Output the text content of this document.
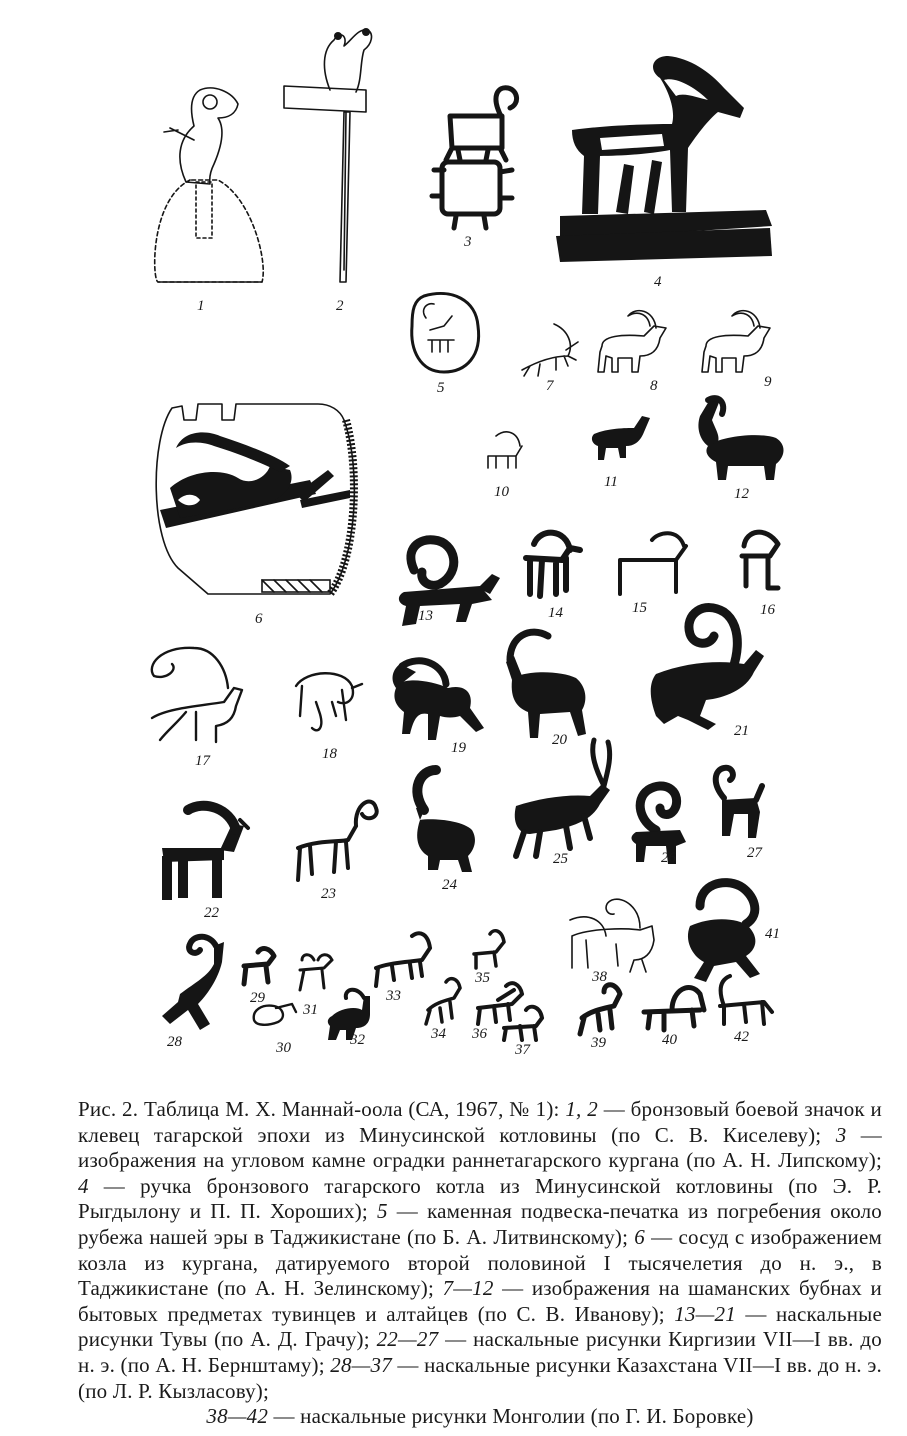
1	2
3
4
5
6
7	8	9
10
11
12
13	14	15	16
17	18	19	20
21
22
23
24
25	26	27
28
29
30
31
32
33
34
35
36
37
38
39	40
41
42
Рис. 2. Таблица М. Х. Маннай-оола (СА, 1967, № 1): 1, 2 — бронзовый боевой значок и клевец тагарской эпохи из Минусинской котловины (по С. В. Киселеву); 3 — изображения на угловом камне оградки раннетагарского кургана (по А. Н. Липскому); 4 — ручка бронзового тагарского котла из Минусинской котловины (по Э. Р. Рыгдылону и П. П. Хороших); 5 — каменная подвеска-печатка из погребения около рубежа нашей эры в Таджикистане (по Б. А. Литвинскому); 6 — сосуд с изображением козла из кургана, датируемого второй половиной I тысячелетия до н. э., в Таджикистане (по А. Н. Зелинскому); 7—12 — изображения на шаманских бубнах и бытовых предметах тувинцев и алтайцев (по С. В. Иванову); 13—21 — наскальные рисунки Тувы (по А. Д. Грачу); 22—27 — наскальные рисунки Киргизии VII—I вв. до н. э. (по А. Н. Бернштаму); 28—37 — наскальные рисунки Казахстана VII—I вв. до н. э. (по Л. Р. Кызласову);
38—42 — наскальные рисунки Монголии (по Г. И. Боровке)
